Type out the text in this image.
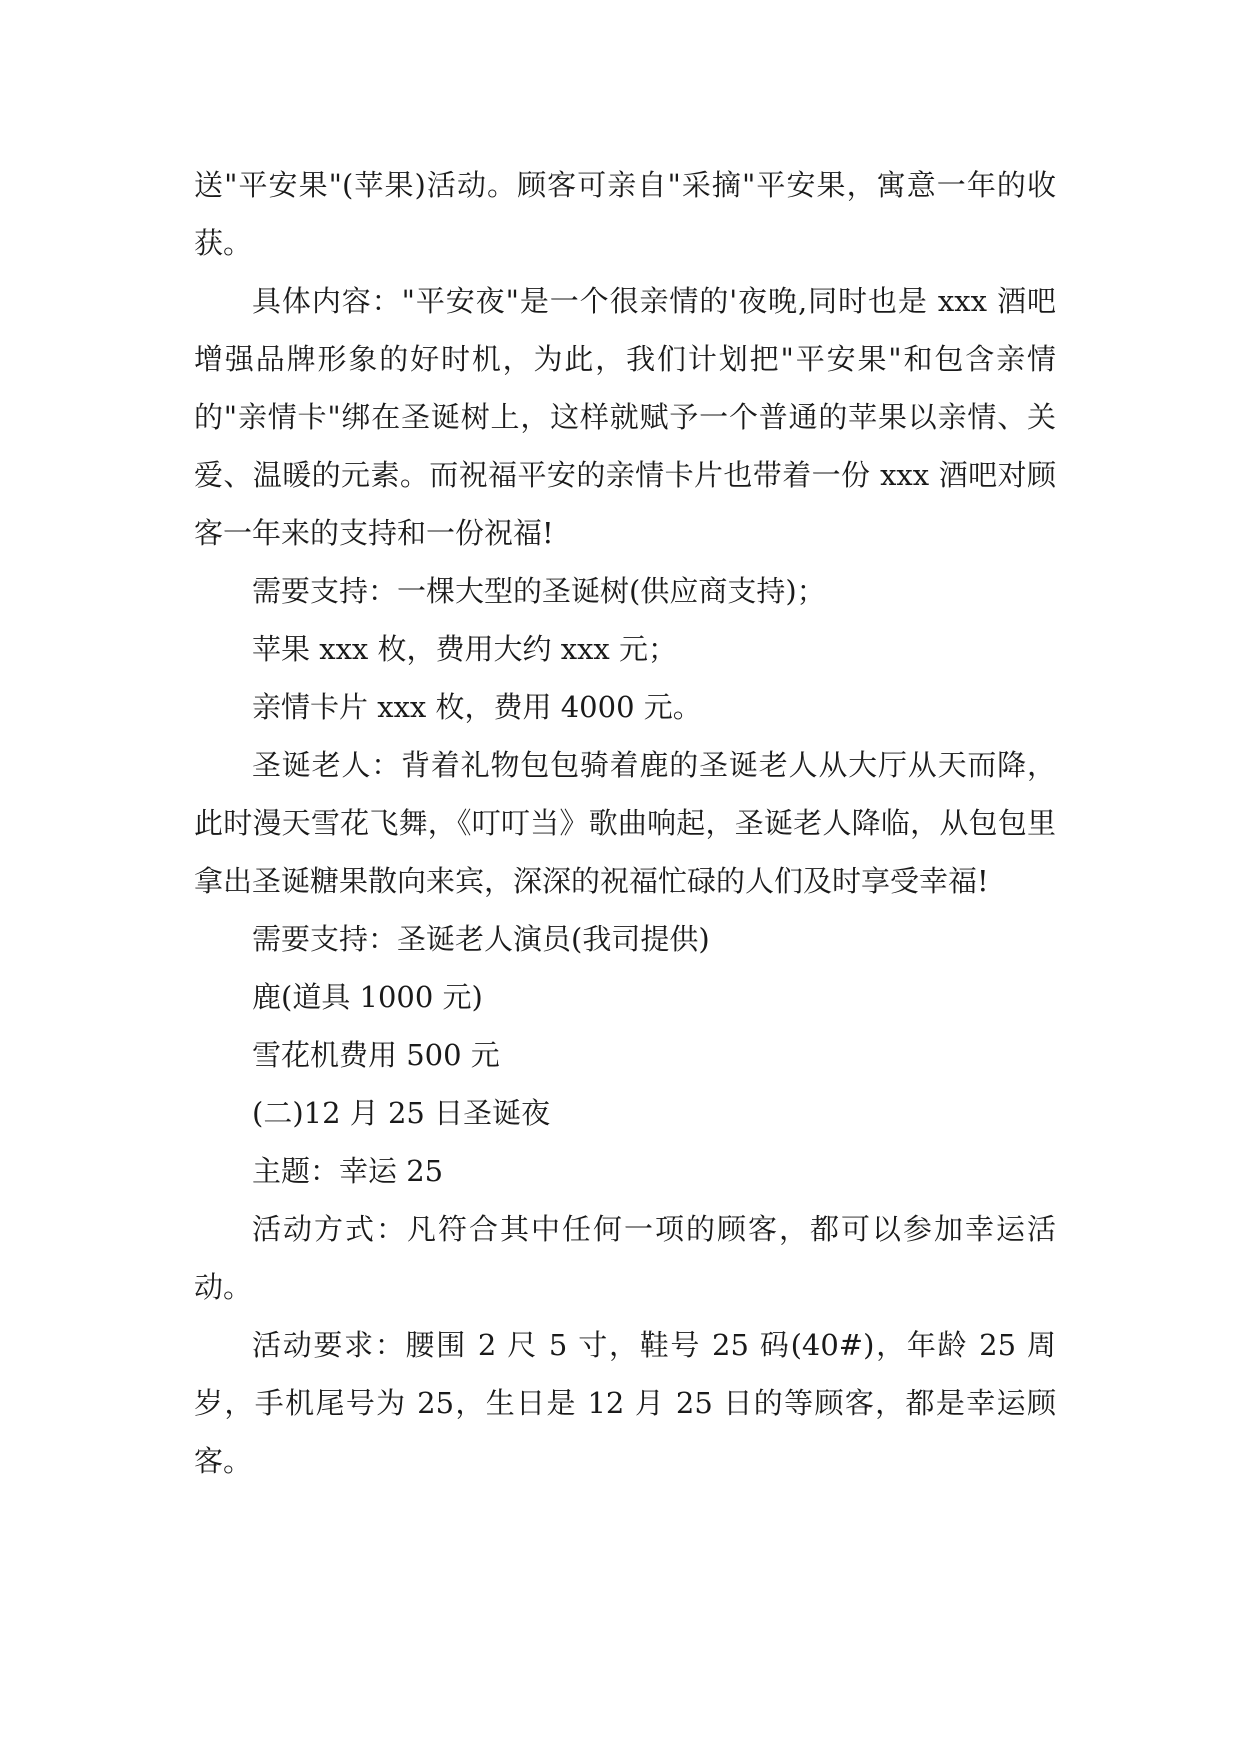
送"平安果"(苹果)活动。顾客可亲自"采摘"平安果，寓意一年的收获。

具体内容："平安夜"是一个很亲情的'夜晚,同时也是 xxx 酒吧增强品牌形象的好时机，为此，我们计划把"平安果"和包含亲情的"亲情卡"绑在圣诞树上，这样就赋予一个普通的苹果以亲情、关爱、温暖的元素。而祝福平安的亲情卡片也带着一份 xxx 酒吧对顾客一年来的支持和一份祝福!

需要支持：一棵大型的圣诞树(供应商支持)；

苹果 xxx 枚，费用大约 xxx 元；

亲情卡片 xxx 枚，费用 4000 元。

圣诞老人：背着礼物包包骑着鹿的圣诞老人从大厅从天而降，此时漫天雪花飞舞，《叮叮当》歌曲响起，圣诞老人降临，从包包里拿出圣诞糖果散向来宾，深深的祝福忙碌的人们及时享受幸福!

需要支持：圣诞老人演员(我司提供)

鹿(道具 1000 元)

雪花机费用 500 元

(二)12 月 25 日圣诞夜

主题：幸运 25

活动方式：凡符合其中任何一项的顾客，都可以参加幸运活动。

活动要求：腰围 2 尺 5 寸，鞋号 25 码(40#)，年龄 25 周岁，手机尾号为 25，生日是 12 月 25 日的等顾客，都是幸运顾客。
